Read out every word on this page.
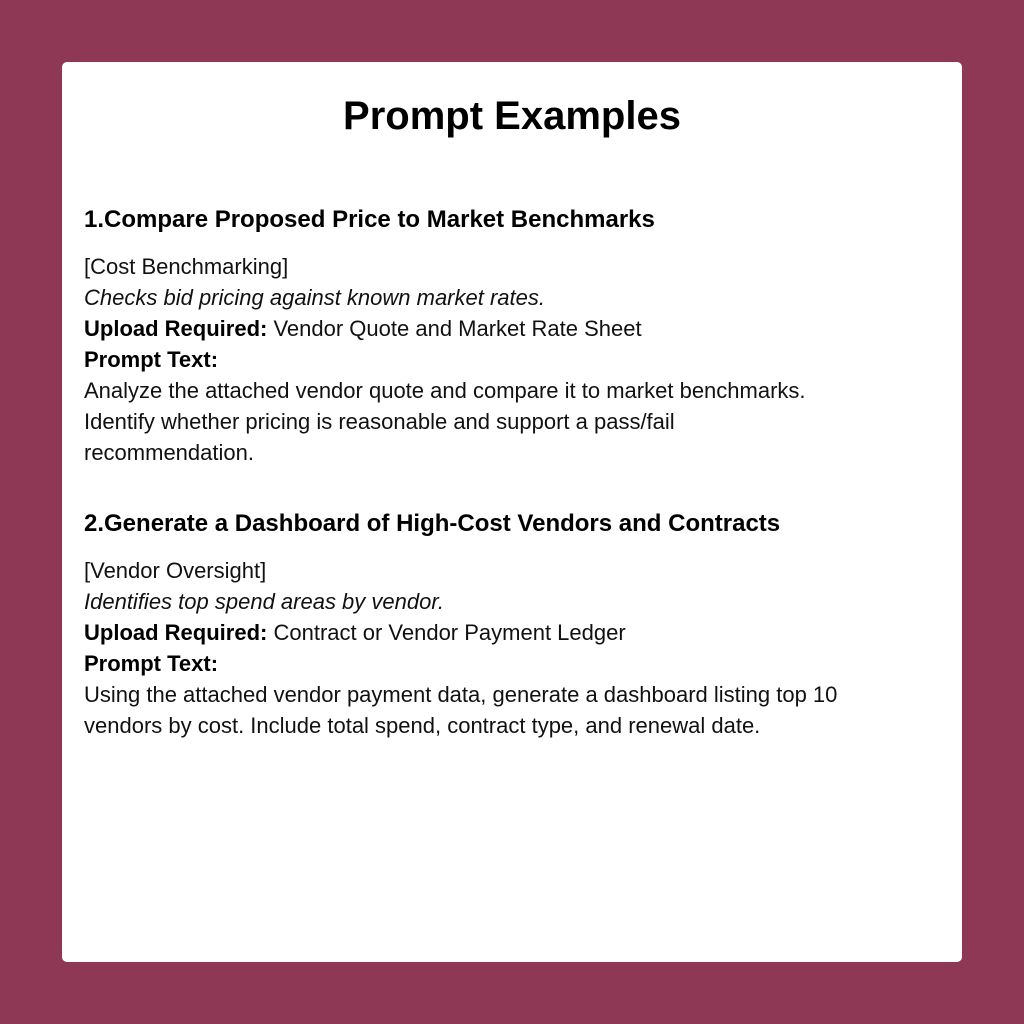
Prompt Examples
1.Compare Proposed Price to Market Benchmarks

[Cost Benchmarking]

Checks bid pricing against known market rates.

Upload Required: Vendor Quote and Market Rate Sheet

Prompt Text:

Analyze the attached vendor quote and compare it to market benchmarks.

Identify whether pricing is reasonable and support a pass/fail

recommendation.

2.Generate a Dashboard of High-Cost Vendors and Contracts

[Vendor Oversight]

Identifies top spend areas by vendor.

Upload Required: Contract or Vendor Payment Ledger

Prompt Text:

Using the attached vendor payment data, generate a dashboard listing top 10

vendors by cost. Include total spend, contract type, and renewal date.
